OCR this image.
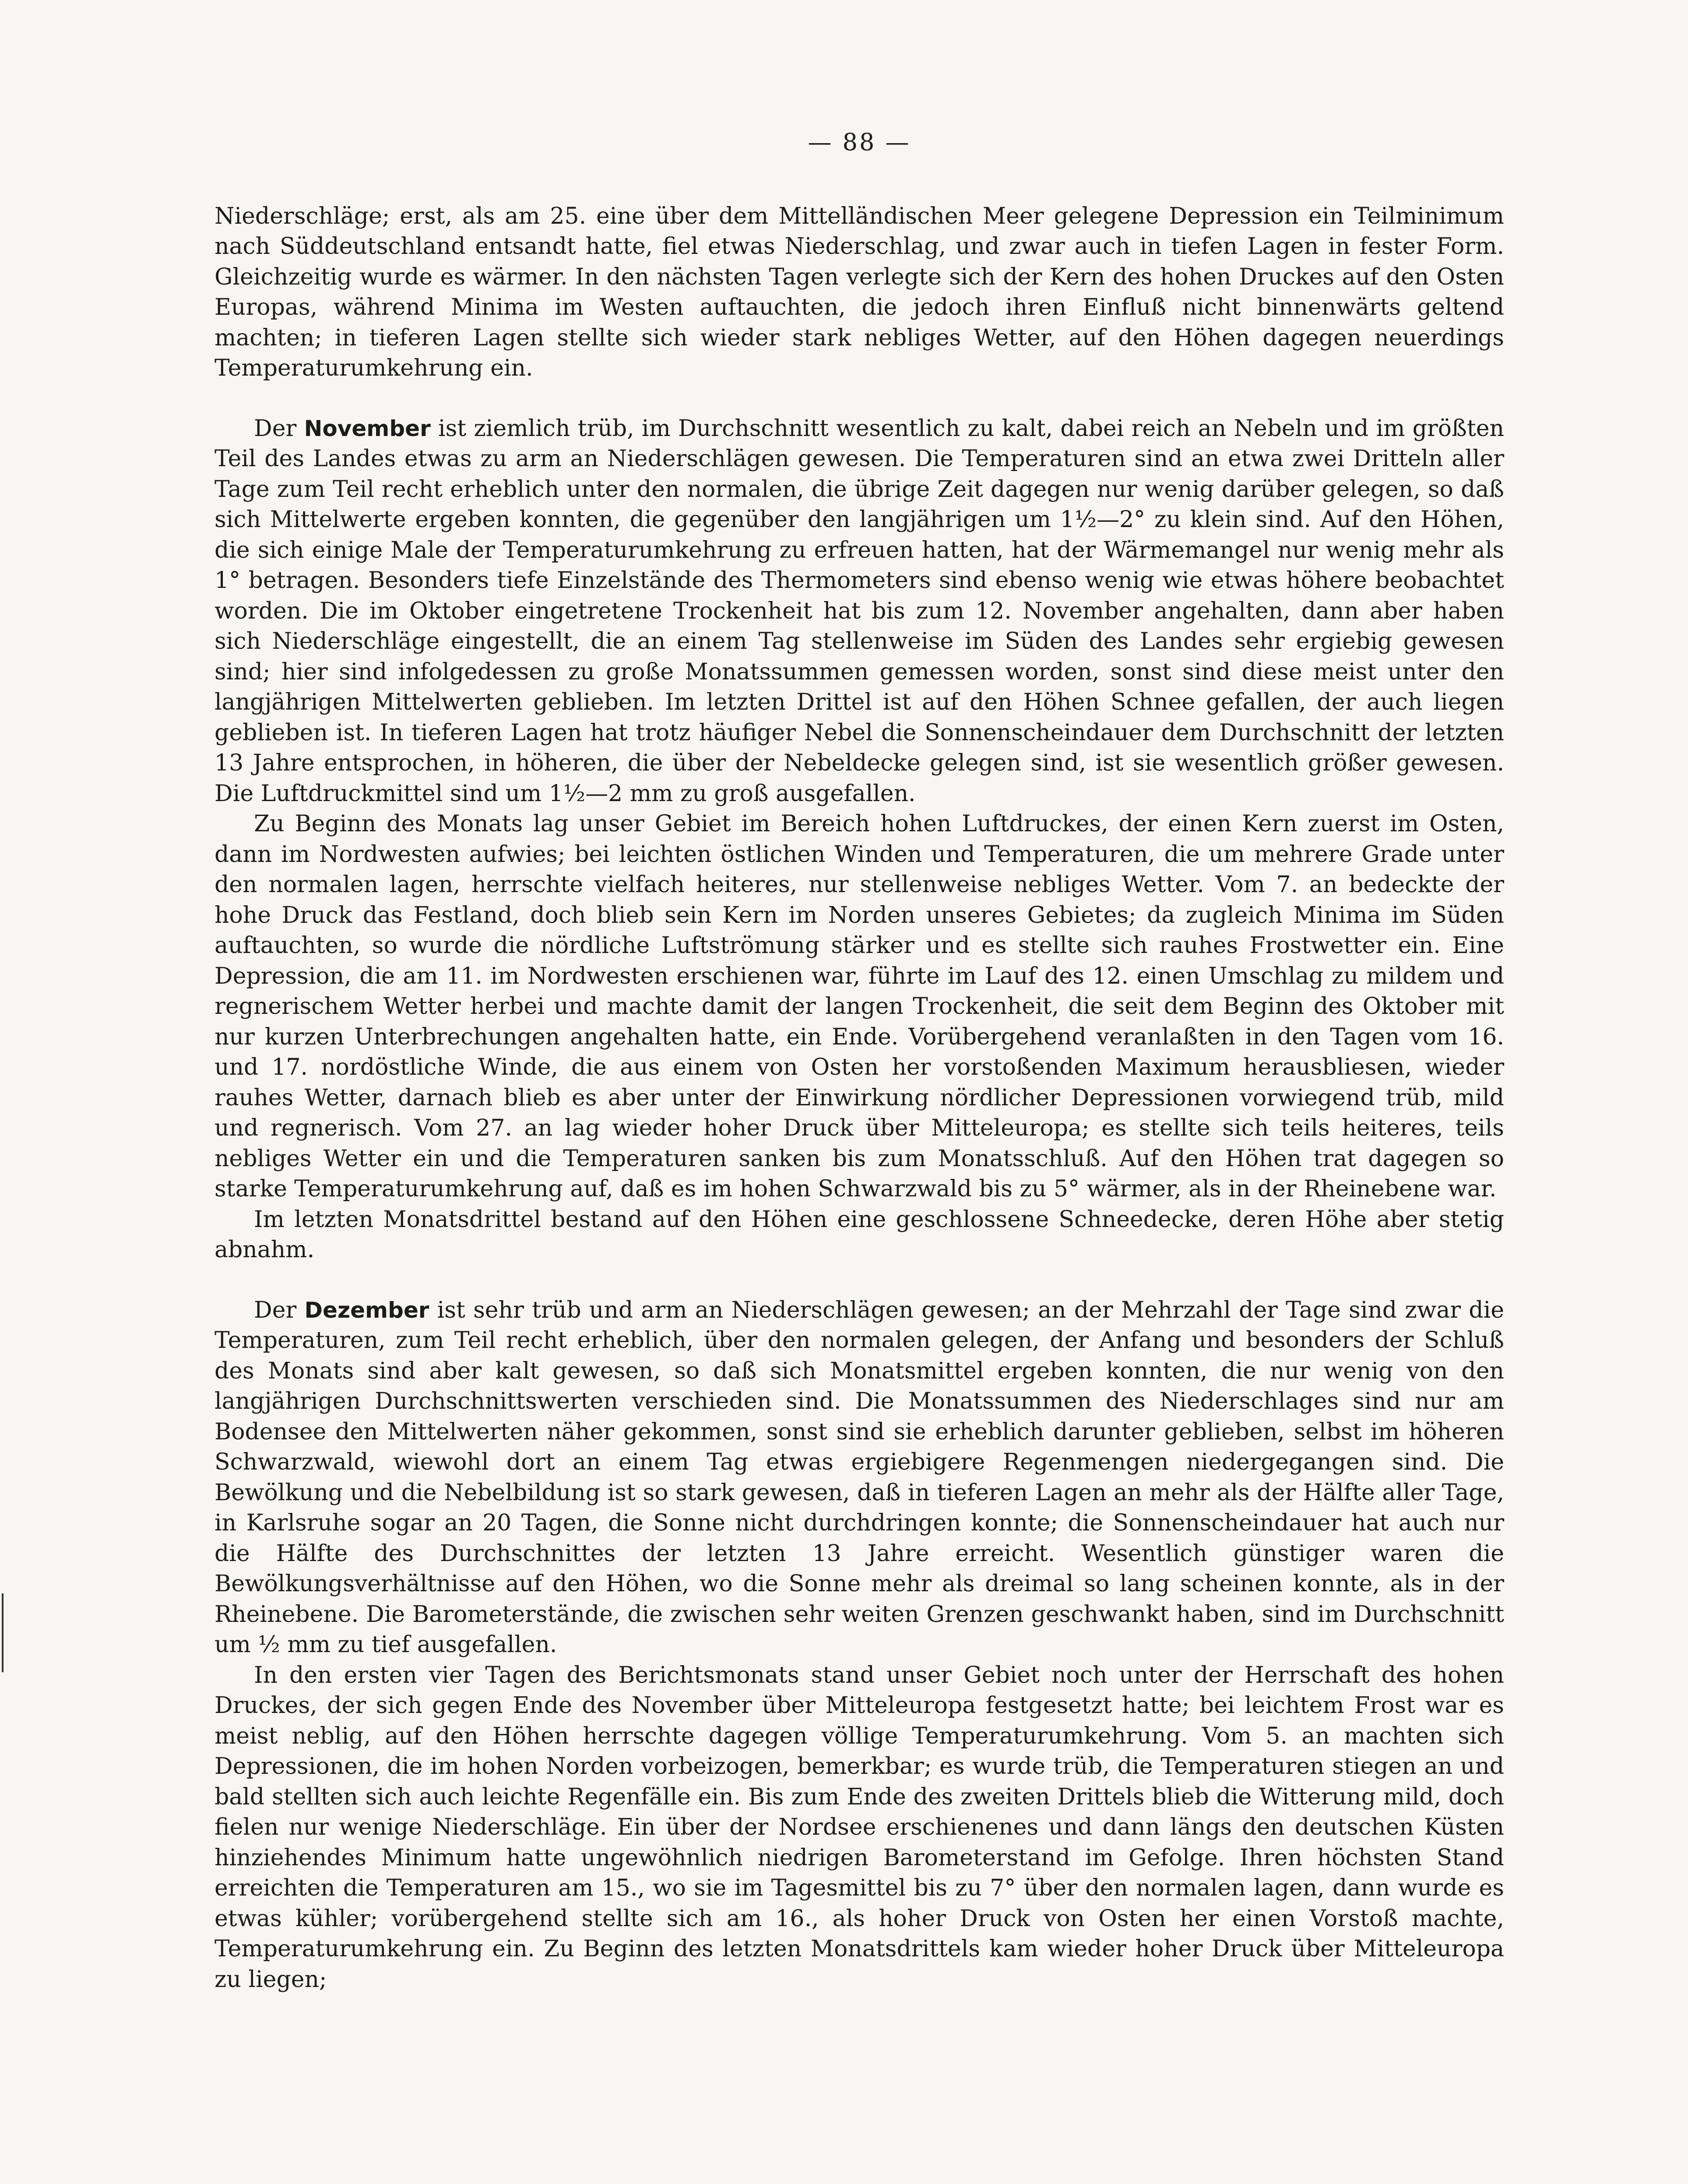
— 88 —

Niederschläge; erst, als am 25. eine über dem Mittelländischen Meer gelegene Depression ein Teilminimum nach Süddeutschland entsandt hatte, fiel etwas Niederschlag, und zwar auch in tiefen Lagen in fester Form. Gleichzeitig wurde es wärmer. In den nächsten Tagen verlegte sich der Kern des hohen Druckes auf den Osten Europas, während Minima im Westen auftauchten, die jedoch ihren Einfluß nicht binnenwärts geltend machten; in tieferen Lagen stellte sich wieder stark nebliges Wetter, auf den Höhen dagegen neuerdings Temperaturumkehrung ein.

Der November ist ziemlich trüb, im Durchschnitt wesentlich zu kalt, dabei reich an Nebeln und im größten Teil des Landes etwas zu arm an Niederschlägen gewesen. Die Temperaturen sind an etwa zwei Dritteln aller Tage zum Teil recht erheblich unter den normalen, die übrige Zeit dagegen nur wenig darüber gelegen, so daß sich Mittelwerte ergeben konnten, die gegenüber den langjährigen um 1½—2° zu klein sind. Auf den Höhen, die sich einige Male der Temperaturumkehrung zu erfreuen hatten, hat der Wärmemangel nur wenig mehr als 1° betragen. Besonders tiefe Einzelstände des Thermometers sind ebenso wenig wie etwas höhere beobachtet worden. Die im Oktober eingetretene Trockenheit hat bis zum 12. November angehalten, dann aber haben sich Niederschläge eingestellt, die an einem Tag stellenweise im Süden des Landes sehr ergiebig gewesen sind; hier sind infolgedessen zu große Monatssummen gemessen worden, sonst sind diese meist unter den langjährigen Mittelwerten geblieben. Im letzten Drittel ist auf den Höhen Schnee gefallen, der auch liegen geblieben ist. In tieferen Lagen hat trotz häufiger Nebel die Sonnenscheindauer dem Durchschnitt der letzten 13 Jahre entsprochen, in höheren, die über der Nebeldecke gelegen sind, ist sie wesentlich größer gewesen. Die Luftdruckmittel sind um 1½—2 mm zu groß ausgefallen.

Zu Beginn des Monats lag unser Gebiet im Bereich hohen Luftdruckes, der einen Kern zuerst im Osten, dann im Nordwesten aufwies; bei leichten östlichen Winden und Temperaturen, die um mehrere Grade unter den normalen lagen, herrschte vielfach heiteres, nur stellenweise nebliges Wetter. Vom 7. an bedeckte der hohe Druck das Festland, doch blieb sein Kern im Norden unseres Gebietes; da zugleich Minima im Süden auftauchten, so wurde die nördliche Luftströmung stärker und es stellte sich rauhes Frostwetter ein. Eine Depression, die am 11. im Nordwesten erschienen war, führte im Lauf des 12. einen Umschlag zu mildem und regnerischem Wetter herbei und machte damit der langen Trockenheit, die seit dem Beginn des Oktober mit nur kurzen Unterbrechungen angehalten hatte, ein Ende. Vorübergehend veranlaßten in den Tagen vom 16. und 17. nordöstliche Winde, die aus einem von Osten her vorstoßenden Maximum herausbliesen, wieder rauhes Wetter, darnach blieb es aber unter der Einwirkung nördlicher Depressionen vorwiegend trüb, mild und regnerisch. Vom 27. an lag wieder hoher Druck über Mitteleuropa; es stellte sich teils heiteres, teils nebliges Wetter ein und die Temperaturen sanken bis zum Monatsschluß. Auf den Höhen trat dagegen so starke Temperaturumkehrung auf, daß es im hohen Schwarzwald bis zu 5° wärmer, als in der Rheinebene war.

Im letzten Monatsdrittel bestand auf den Höhen eine geschlossene Schneedecke, deren Höhe aber stetig abnahm.

Der Dezember ist sehr trüb und arm an Niederschlägen gewesen; an der Mehrzahl der Tage sind zwar die Temperaturen, zum Teil recht erheblich, über den normalen gelegen, der Anfang und besonders der Schluß des Monats sind aber kalt gewesen, so daß sich Monatsmittel ergeben konnten, die nur wenig von den langjährigen Durchschnittswerten verschieden sind. Die Monatssummen des Niederschlages sind nur am Bodensee den Mittelwerten näher gekommen, sonst sind sie erheblich darunter geblieben, selbst im höheren Schwarzwald, wiewohl dort an einem Tag etwas ergiebigere Regenmengen niedergegangen sind. Die Bewölkung und die Nebelbildung ist so stark gewesen, daß in tieferen Lagen an mehr als der Hälfte aller Tage, in Karlsruhe sogar an 20 Tagen, die Sonne nicht durchdringen konnte; die Sonnenscheindauer hat auch nur die Hälfte des Durchschnittes der letzten 13 Jahre erreicht. Wesentlich günstiger waren die Bewölkungsverhältnisse auf den Höhen, wo die Sonne mehr als dreimal so lang scheinen konnte, als in der Rheinebene. Die Barometerstände, die zwischen sehr weiten Grenzen geschwankt haben, sind im Durchschnitt um ½ mm zu tief ausgefallen.

In den ersten vier Tagen des Berichtsmonats stand unser Gebiet noch unter der Herrschaft des hohen Druckes, der sich gegen Ende des November über Mitteleuropa festgesetzt hatte; bei leichtem Frost war es meist neblig, auf den Höhen herrschte dagegen völlige Temperaturumkehrung. Vom 5. an machten sich Depressionen, die im hohen Norden vorbeizogen, bemerkbar; es wurde trüb, die Temperaturen stiegen an und bald stellten sich auch leichte Regenfälle ein. Bis zum Ende des zweiten Drittels blieb die Witterung mild, doch fielen nur wenige Niederschläge. Ein über der Nordsee erschienenes und dann längs den deutschen Küsten hinziehendes Minimum hatte ungewöhnlich niedrigen Barometerstand im Gefolge. Ihren höchsten Stand erreichten die Temperaturen am 15., wo sie im Tagesmittel bis zu 7° über den normalen lagen, dann wurde es etwas kühler; vorübergehend stellte sich am 16., als hoher Druck von Osten her einen Vorstoß machte, Temperaturumkehrung ein. Zu Beginn des letzten Monatsdrittels kam wieder hoher Druck über Mitteleuropa zu liegen;
